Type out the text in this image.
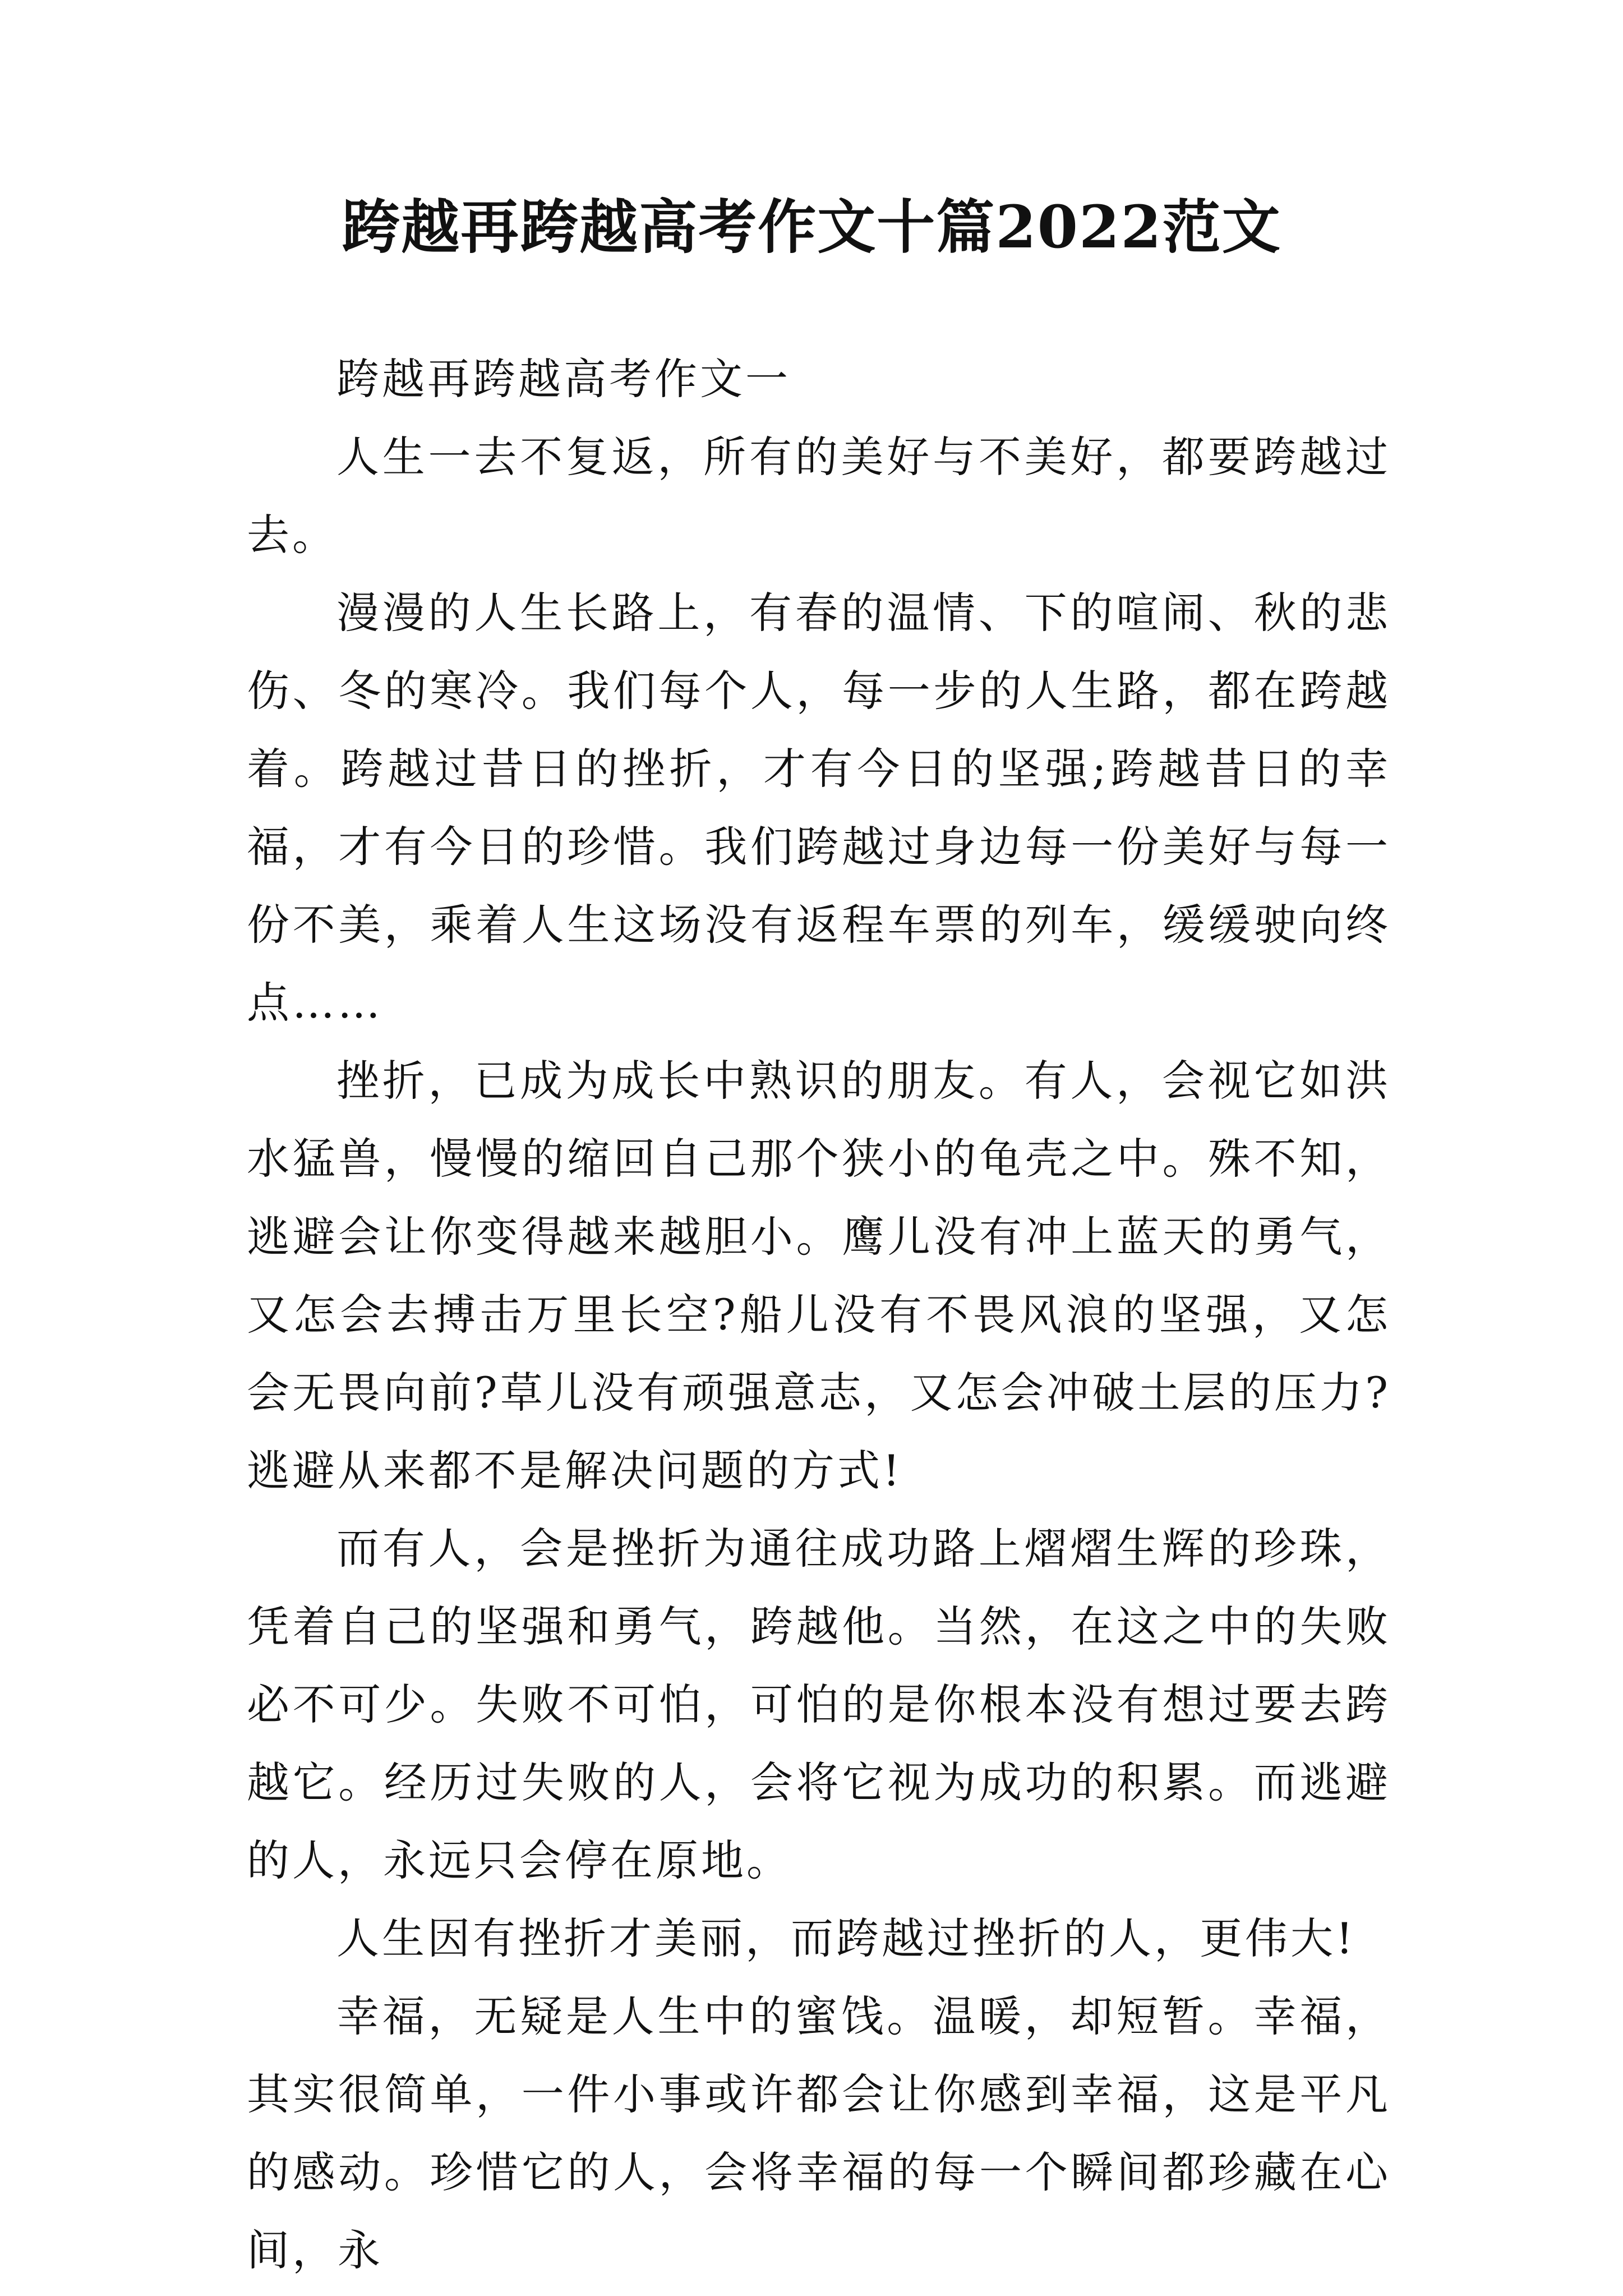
跨越再跨越高考作文十篇2022范文

跨越再跨越高考作文一

人生一去不复返，所有的美好与不美好，都要跨越过去。

漫漫的人生长路上，有春的温情、下的喧闹、秋的悲伤、冬的寒冷。我们每个人，每一步的人生路，都在跨越着。跨越过昔日的挫折，才有今日的坚强;跨越昔日的幸福，才有今日的珍惜。我们跨越过身边每一份美好与每一份不美，乘着人生这场没有返程车票的列车，缓缓驶向终点……

挫折，已成为成长中熟识的朋友。有人，会视它如洪水猛兽，慢慢的缩回自己那个狭小的龟壳之中。殊不知，逃避会让你变得越来越胆小。鹰儿没有冲上蓝天的勇气，又怎会去搏击万里长空?船儿没有不畏风浪的坚强，又怎会无畏向前?草儿没有顽强意志，又怎会冲破土层的压力?逃避从来都不是解决问题的方式!

而有人，会是挫折为通往成功路上熠熠生辉的珍珠，凭着自己的坚强和勇气，跨越他。当然，在这之中的失败必不可少。失败不可怕，可怕的是你根本没有想过要去跨越它。经历过失败的人，会将它视为成功的积累。而逃避的人，永远只会停在原地。

人生因有挫折才美丽，而跨越过挫折的人，更伟大!

幸福，无疑是人生中的蜜饯。温暖，却短暂。幸福，其实很简单，一件小事或许都会让你感到幸福，这是平凡的感动。珍惜它的人，会将幸福的每一个瞬间都珍藏在心间，永
